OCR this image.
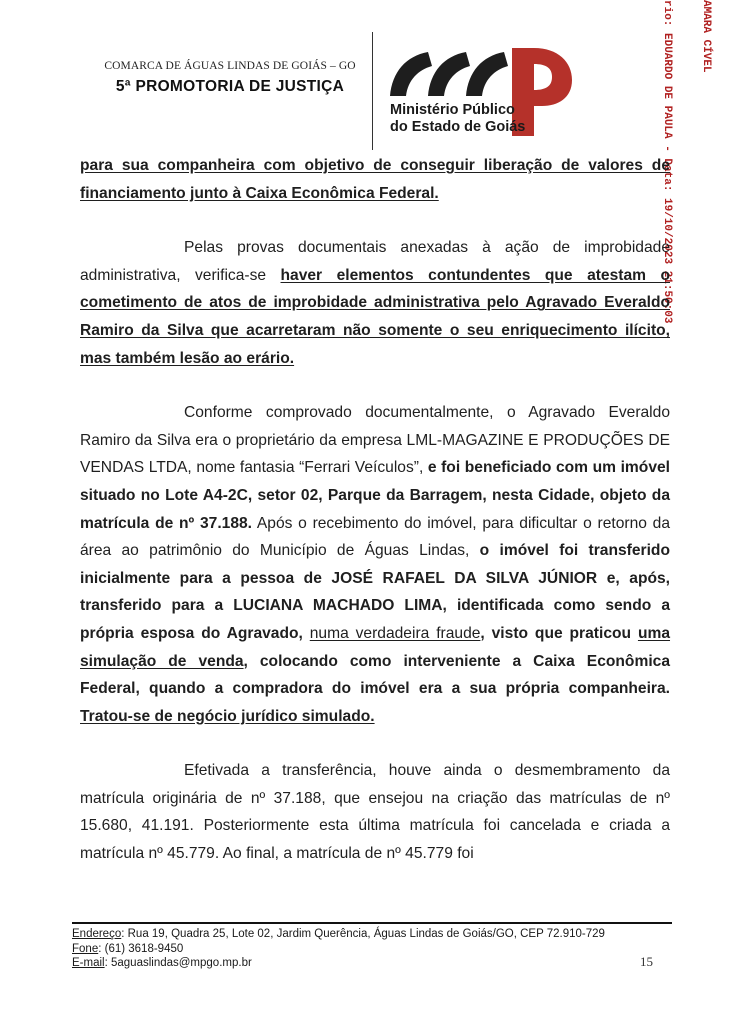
COMARCA DE ÁGUAS LINDAS DE GOIÁS – GO
5ª PROMOTORIA DE JUSTIÇA
Ministério Público
do Estado de Goiás

AMARA CÍVEL

rio: EDUARDO DE PAULA - Data: 19/10/2023 21:50:03

para sua companheira com objetivo de conseguir liberação de valores de financiamento junto à Caixa Econômica Federal.

Pelas provas documentais anexadas à ação de improbidade administrativa, verifica-se haver elementos contundentes que atestam o cometimento de atos de improbidade administrativa pelo Agravado Everaldo Ramiro da Silva que acarretaram não somente o seu enriquecimento ilícito, mas também lesão ao erário.

Conforme comprovado documentalmente, o Agravado Everaldo Ramiro da Silva era o proprietário da empresa LML-MAGAZINE E PRODUÇÕES DE VENDAS LTDA, nome fantasia “Ferrari Veículos”, e foi beneficiado com um imóvel situado no Lote A4-2C, setor 02, Parque da Barragem, nesta Cidade, objeto da matrícula de nº 37.188. Após o recebimento do imóvel, para dificultar o retorno da área ao patrimônio do Município de Águas Lindas, o imóvel foi transferido inicialmente para a pessoa de JOSÉ RAFAEL DA SILVA JÚNIOR e, após, transferido para a LUCIANA MACHADO LIMA, identificada como sendo a própria esposa do Agravado, numa verdadeira fraude, visto que praticou uma simulação de venda, colocando como interveniente a Caixa Econômica Federal, quando a compradora do imóvel era a sua própria companheira. Tratou-se de negócio jurídico simulado.

Efetivada a transferência, houve ainda o desmembramento da matrícula originária de nº 37.188, que ensejou na criação das matrículas de nº 15.680, 41.191. Posteriormente esta última matrícula foi cancelada e criada a matrícula nº 45.779. Ao final, a matrícula de nº 45.779 foi

Endereço: Rua 19, Quadra 25, Lote 02, Jardim Querência, Águas Lindas de Goiás/GO, CEP 72.910-729
Fone: (61) 3618-9450
E-mail: 5aguaslindas@mpgo.mp.br	15
